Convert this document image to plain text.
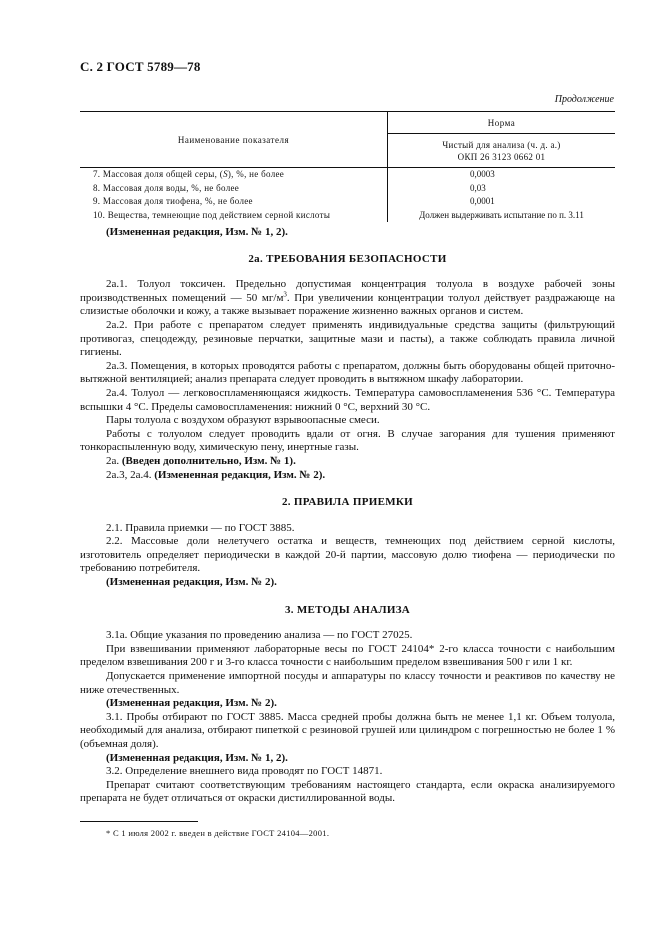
С. 2 ГОСТ 5789—78
Продолжение

Наименование показателя	Норма

	Чистый для анализа (ч. д. а.)
ОКП 26 3123 0662 01

7. Массовая доля общей серы, (S), %, не более	0,0003
8. Массовая доля воды, %, не более	0,03
9. Массовая доля тиофена, %, не более	0,0001
10. Вещества, темнеющие под действием серной кислоты	Должен выдерживать испытание по п. 3.11

(Измененная редакция, Изм. № 1, 2).

2а. ТРЕБОВАНИЯ БЕЗОПАСНОСТИ

2а.1. Толуол токсичен. Предельно допустимая концентрация толуола в воздухе рабочей зоны производственных помещений — 50 $мг/м^3$. При увеличении концентрации толуол действует раздражающе на слизистые оболочки и кожу, а также вызывает поражение жизненно важных органов и систем.

2а.2. При работе с препаратом следует применять индивидуальные средства защиты (фильтрующий противогаз, спецодежду, резиновые перчатки, защитные мази и пасты), а также соблюдать правила личной гигиены.

2а.3. Помещения, в которых проводятся работы с препаратом, должны быть оборудованы общей приточно-вытяжной вентиляцией; анализ препарата следует проводить в вытяжном шкафу лаборатории.

2а.4. Толуол — легковоспламеняющаяся жидкость. Температура самовоспламенения 536 °С. Температура вспышки 4 °С. Пределы самовоспламенения: нижний 0 °С, верхний 30 °С.

Пары толуола с воздухом образуют взрывоопасные смеси.

Работы с толуолом следует проводить вдали от огня. В случае загорания для тушения применяют тонкораспыленную воду, химическую пену, инертные газы.

2а. (Введен дополнительно, Изм. № 1).

2а.3, 2а.4. (Измененная редакция, Изм. № 2).

2. ПРАВИЛА ПРИЕМКИ

2.1. Правила приемки — по ГОСТ 3885.

2.2. Массовые доли нелетучего остатка и веществ, темнеющих под действием серной кислоты, изготовитель определяет периодически в каждой 20-й партии, массовую долю тиофена — периодически по требованию потребителя.

(Измененная редакция, Изм. № 2).

3. МЕТОДЫ АНАЛИЗА

3.1а. Общие указания по проведению анализа — по ГОСТ 27025.

При взвешивании применяют лабораторные весы по ГОСТ 24104* 2-го класса точности с наибольшим пределом взвешивания 200 г и 3-го класса точности с наибольшим пределом взвешивания 500 г или 1 кг.

Допускается применение импортной посуды и аппаратуры по классу точности и реактивов по качеству не ниже отечественных.

(Измененная редакция, Изм. № 2).

3.1. Пробы отбирают по ГОСТ 3885. Масса средней пробы должна быть не менее 1,1 кг. Объем толуола, необходимый для анализа, отбирают пипеткой с резиновой грушей или цилиндром с погрешностью не более 1 % (объемная доля).

(Измененная редакция, Изм. № 1, 2).

3.2. Определение внешнего вида проводят по ГОСТ 14871.

Препарат считают соответствующим требованиям настоящего стандарта, если окраска анализируемого препарата не будет отличаться от окраски дистиллированной воды.

* С 1 июля 2002 г. введен в действие ГОСТ 24104—2001.
